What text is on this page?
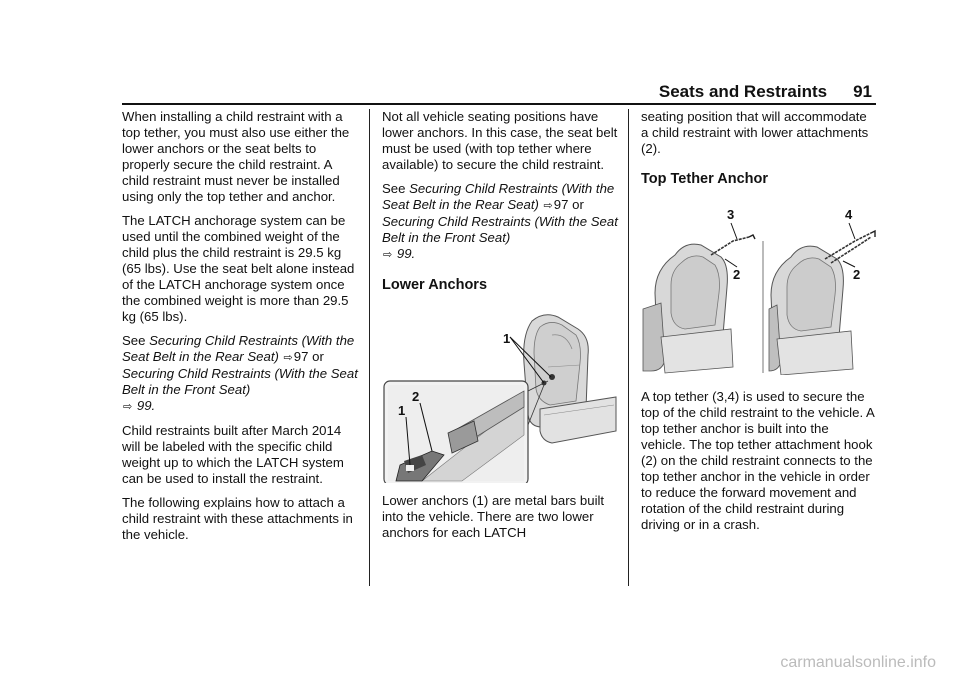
Seats and Restraints 91

When installing a child restraint with a top tether, you must also use either the lower anchors or the seat belts to properly secure the child restraint. A child restraint must never be installed using only the top tether and anchor.

The LATCH anchorage system can be used until the combined weight of the child plus the child restraint is 29.5 kg (65 lbs). Use the seat belt alone instead of the LATCH anchorage system once the combined weight is more than 29.5 kg (65 lbs).

See Securing Child Restraints (With the Seat Belt in the Rear Seat) ⇨97 or Securing Child Restraints (With the Seat Belt in the Front Seat)
⇨ 99.

Child restraints built after March 2014 will be labeled with the specific child weight up to which the LATCH system can be used to install the restraint.

The following explains how to attach a child restraint with these attachments in the vehicle.

Not all vehicle seating positions have lower anchors. In this case, the seat belt must be used (with top tether where available) to secure the child restraint.

See Securing Child Restraints (With the Seat Belt in the Rear Seat) ⇨97 or Securing Child Restraints (With the Seat Belt in the Front Seat)
⇨ 99.

Lower Anchors
1
1
2

Lower anchors (1) are metal bars built into the vehicle. There are two lower anchors for each LATCH

seating position that will accommodate a child restraint with lower attachments (2).

Top Tether Anchor
3
2
4
2

A top tether (3,4) is used to secure the top of the child restraint to the vehicle. A top tether anchor is built into the vehicle. The top tether attachment hook (2) on the child restraint connects to the top tether anchor in the vehicle in order to reduce the forward movement and rotation of the child restraint during driving or in a crash.

carmanualsonline.info
